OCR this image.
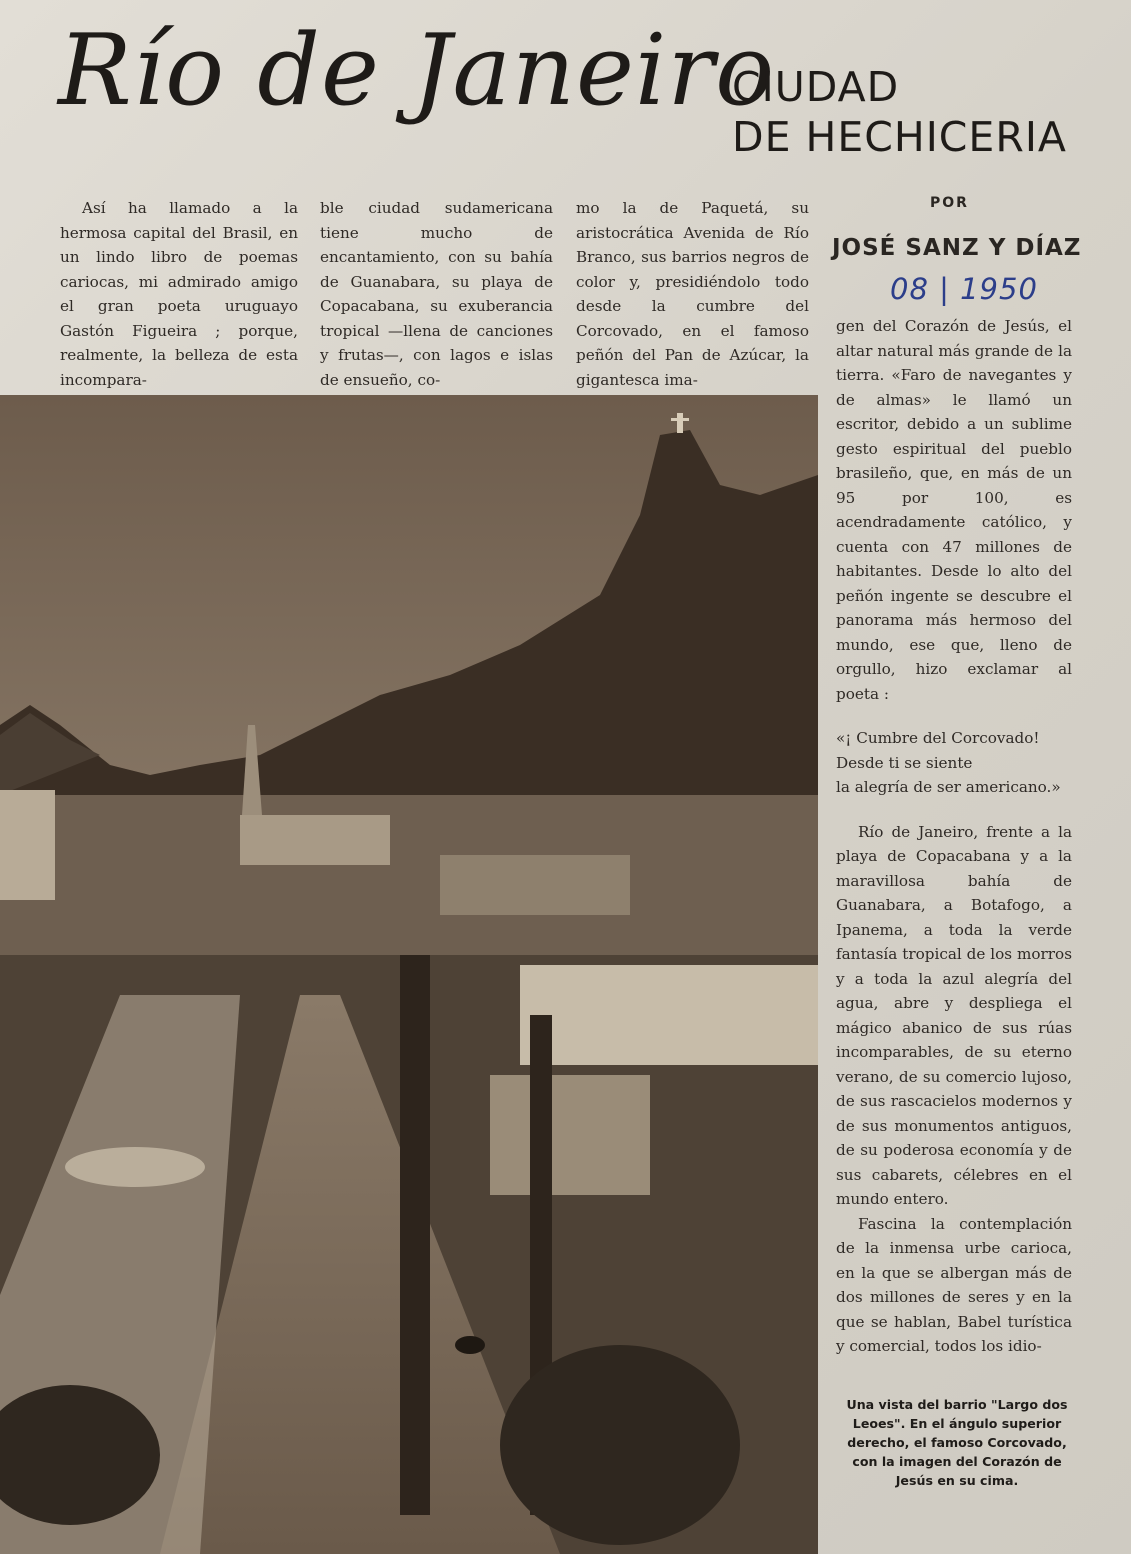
Río de Janeiro
CIUDAD
DE HECHICERIA

Así ha llamado a la hermosa capital del Brasil, en un lindo libro de poemas cariocas, mi admirado amigo el gran poeta uruguayo Gastón Figueira ; porque, realmente, la belleza de esta incompara-

ble ciudad sudamericana tiene mucho de encantamiento, con su bahía de Guanabara, su playa de Copacabana, su exuberancia tropical —llena de canciones y frutas—, con lagos e islas de ensueño, co-

mo la de Paquetá, su aristocrática Avenida de Río Branco, sus barrios negros de color y, presidiéndolo todo desde la cumbre del Corcovado, en el famoso peñón del Pan de Azúcar, la gigantesca ima-

POR
JOSÉ SANZ Y DÍAZ
08 | 1950

gen del Corazón de Jesús, el altar natural más grande de la tierra. «Faro de navegantes y de almas» le llamó un escritor, debido a un sublime gesto espiritual del pueblo brasileño, que, en más de un 95 por 100, es acendradamente católico, y cuenta con 47 millones de habitantes. Desde lo alto del peñón ingente se descubre el panorama más hermoso del mundo, ese que, lleno de orgullo, hizo exclamar al poeta :

«¡ Cumbre del Corcovado!
Desde ti se siente
la alegría de ser americano.»

Río de Janeiro, frente a la playa de Copacabana y a la maravillosa bahía de Guanabara, a Botafogo, a Ipanema, a toda la verde fantasía tropical de los morros y a toda la azul alegría del agua, abre y despliega el mágico abanico de sus rúas incomparables, de su eterno verano, de su comercio lujoso, de sus rascacielos modernos y de sus monumentos antiguos, de su poderosa economía y de sus cabarets, célebres en el mundo entero.

Fascina la contemplación de la inmensa urbe carioca, en la que se albergan más de dos millones de seres y en la que se hablan, Babel turística y comercial, todos los idio-

Una vista del barrio "Largo dos Leoes". En el ángulo superior derecho, el famoso Corcovado, con la imagen del Corazón de Jesús en su cima.
